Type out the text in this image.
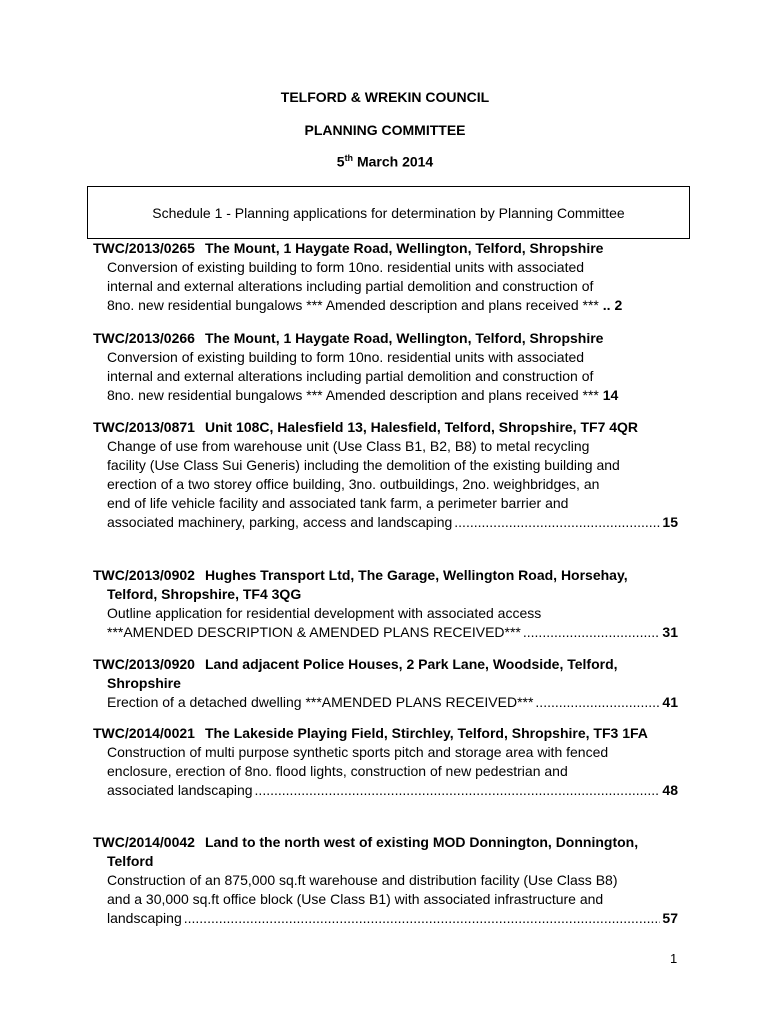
TELFORD & WREKIN COUNCIL
PLANNING COMMITTEE
5th March 2014
Schedule 1 - Planning applications for determination by Planning Committee
TWC/2013/0265 The Mount, 1 Haygate Road, Wellington, Telford, Shropshire
Conversion of existing building to form 10no. residential units with associated
internal and external alterations including partial demolition and construction of
8no. new residential bungalows *** Amended description and plans received *** .. 2
TWC/2013/0266 The Mount, 1 Haygate Road, Wellington, Telford, Shropshire
Conversion of existing building to form 10no. residential units with associated
internal and external alterations including partial demolition and construction of
8no. new residential bungalows *** Amended description and plans received *** 14
TWC/2013/0871 Unit 108C, Halesfield 13, Halesfield, Telford, Shropshire, TF7 4QR
Change of use from warehouse unit (Use Class B1, B2, B8) to metal recycling
facility (Use Class Sui Generis) including the demolition of the existing building and
erection of a two storey office building, 3no. outbuildings, 2no. weighbridges, an
end of life vehicle facility and associated tank farm, a perimeter barrier and
associated machinery, parking, access and landscaping .....	15
TWC/2013/0902 Hughes Transport Ltd, The Garage, Wellington Road, Horsehay, Telford, Shropshire, TF4 3QG
Outline application for residential development with associated access
***AMENDED DESCRIPTION & AMENDED PLANS RECEIVED*** .....	31
TWC/2013/0920 Land adjacent Police Houses, 2 Park Lane, Woodside, Telford, Shropshire
Erection of a detached dwelling ***AMENDED PLANS RECEIVED*** .....	41
TWC/2014/0021 The Lakeside Playing Field, Stirchley, Telford, Shropshire, TF3 1FA
Construction of multi purpose synthetic sports pitch and storage area with fenced
enclosure, erection of 8no. flood lights, construction of new pedestrian and
associated landscaping .....	48
TWC/2014/0042 Land to the north west of existing MOD Donnington, Donnington, Telford
Construction of an 875,000 sq.ft warehouse and distribution facility (Use Class B8)
and a 30,000 sq.ft office block (Use Class B1) with associated infrastructure and
landscaping .....	57
1
